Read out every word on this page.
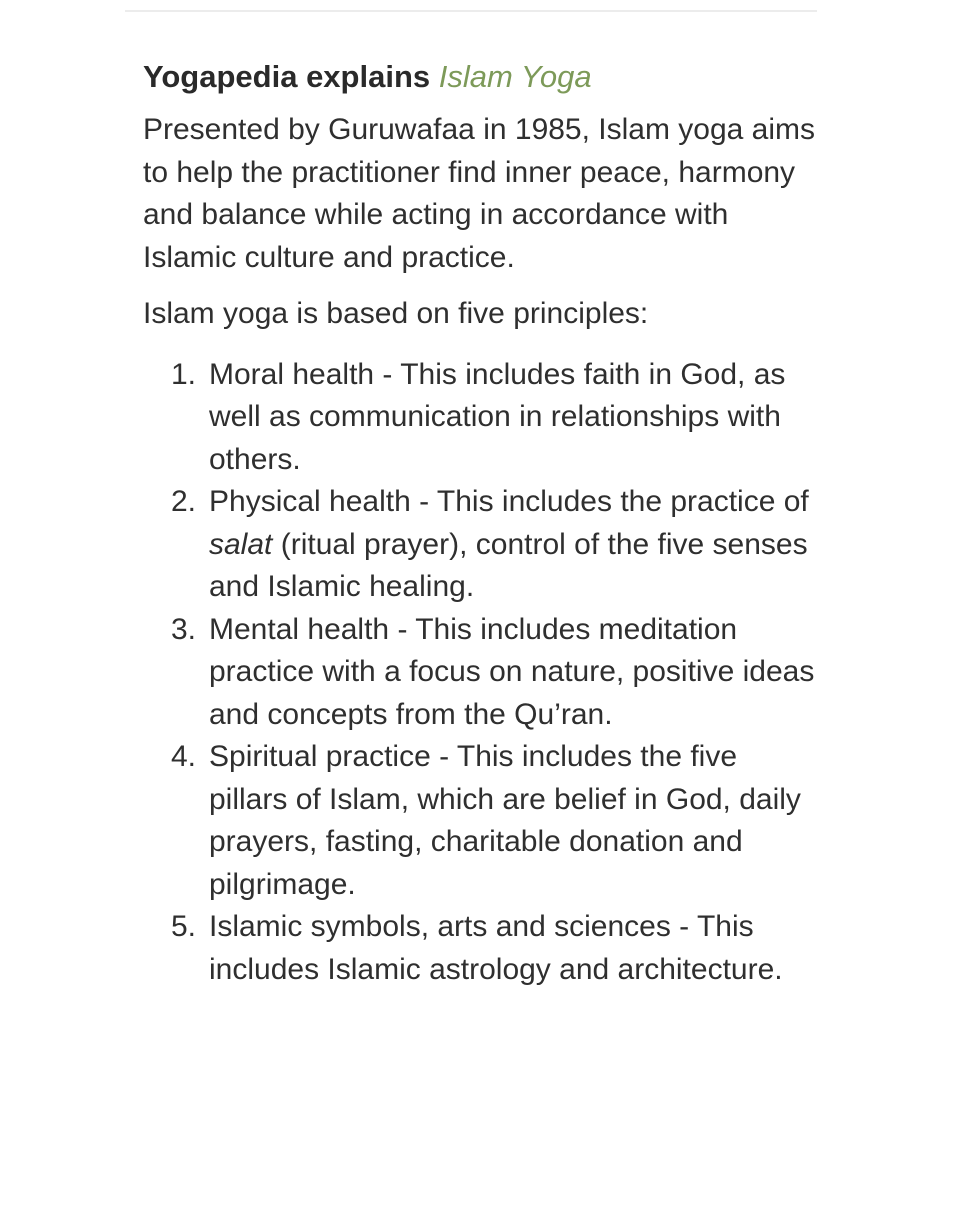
Yogapedia explains Islam Yoga

Presented by Guruwafaa in 1985, Islam yoga aims to help the practitioner find inner peace, harmony and balance while acting in accordance with Islamic culture and practice.

Islam yoga is based on five principles:

1. Moral health - This includes faith in God, as well as communication in relationships with others.
2. Physical health - This includes the practice of salat (ritual prayer), control of the five senses and Islamic healing.
3. Mental health - This includes meditation practice with a focus on nature, positive ideas and concepts from the Qu’ran.
4. Spiritual practice - This includes the five pillars of Islam, which are belief in God, daily prayers, fasting, charitable donation and pilgrimage.
5. Islamic symbols, arts and sciences - This includes Islamic astrology and architecture.
